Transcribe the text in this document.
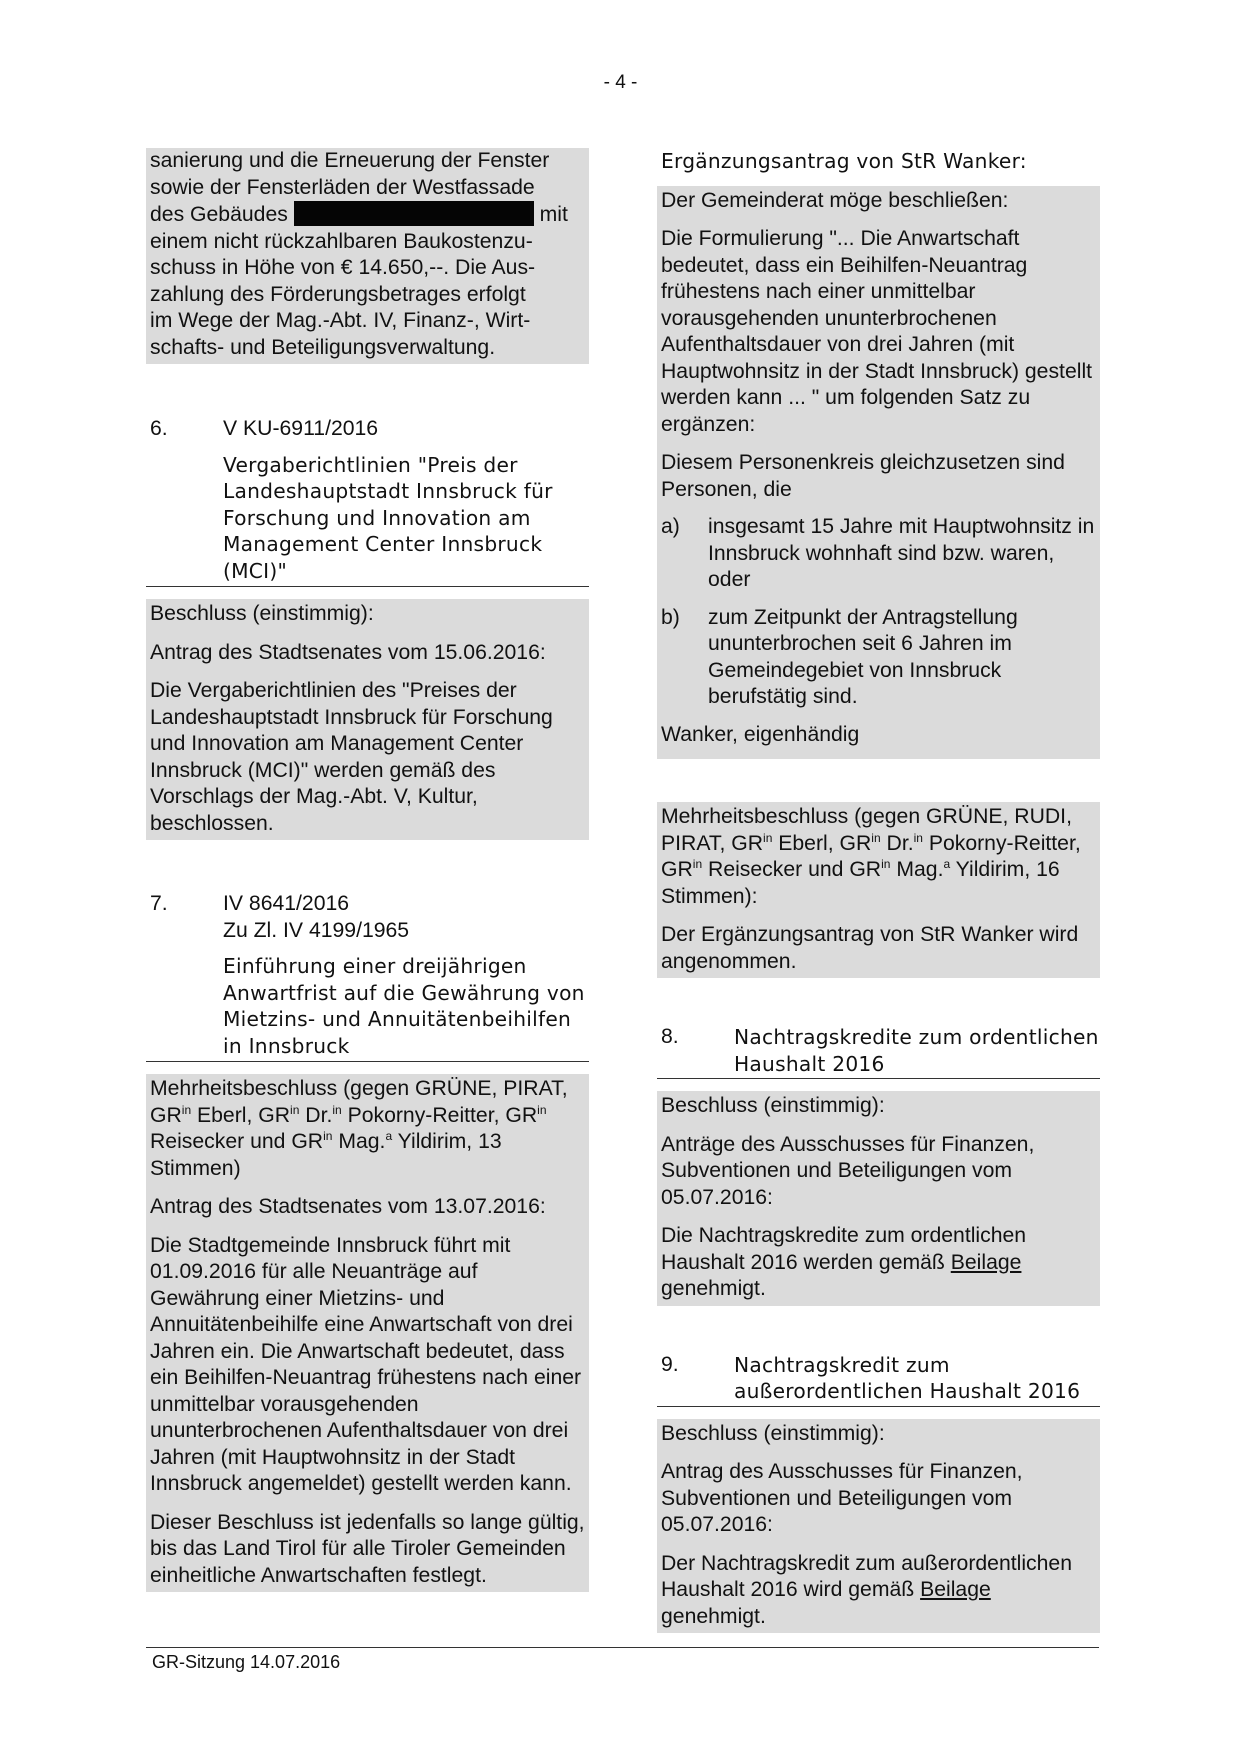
- 4 -
sanierung und die Erneuerung der Fenster
sowie der Fensterläden der Westfassade
des Gebäudes	mit
einem nicht rückzahlbaren Baukostenzu-
schuss in Höhe von € 14.650,--. Die Aus-
zahlung des Förderungsbetrages erfolgt
im Wege der Mag.-Abt. IV, Finanz-, Wirt-
schafts- und Beteiligungsverwaltung.
6.	V KU-6911/2016

Vergaberichtlinien "Preis der Landeshauptstadt Innsbruck für Forschung und Innovation am Management Center Innsbruck (MCI)"

Beschluss (einstimmig):

Antrag des Stadtsenates vom 15.06.2016:

Die Vergaberichtlinien des "Preises der Landeshauptstadt Innsbruck für Forschung und Innovation am Management Center Innsbruck (MCI)" werden gemäß des Vorschlags der Mag.-Abt. V, Kultur, beschlossen.

7.	IV 8641/2016

Zu Zl. IV 4199/1965

Einführung einer dreijährigen Anwartfrist auf die Gewährung von Mietzins- und Annuitätenbeihilfen in Innsbruck

Mehrheitsbeschluss (gegen GRÜNE, PIRAT, $GR^{in}$ Eberl, $GR^{in}$ Dr.$^{in}$ Pokorny-Reitter, $GR^{in}$ Reisecker und $GR^{in}$ Mag.$^a$ Yildirim, 13 Stimmen)

Antrag des Stadtsenates vom 13.07.2016:

Die Stadtgemeinde Innsbruck führt mit 01.09.2016 für alle Neuanträge auf Gewährung einer Mietzins- und Annuitätenbeihilfe eine Anwartschaft von drei Jahren ein. Die Anwartschaft bedeutet, dass ein Beihilfen-Neuantrag frühestens nach einer unmittelbar vorausgehenden ununterbrochenen Aufenthaltsdauer von drei Jahren (mit Hauptwohnsitz in der Stadt Innsbruck angemeldet) gestellt werden kann.

Dieser Beschluss ist jedenfalls so lange gültig, bis das Land Tirol für alle Tiroler Gemeinden einheitliche Anwartschaften festlegt.

Ergänzungsantrag von StR Wanker:

Der Gemeinderat möge beschließen:

Die Formulierung "... Die Anwartschaft bedeutet, dass ein Beihilfen-Neuantrag frühestens nach einer unmittelbar vorausgehenden ununterbrochenen Aufenthaltsdauer von drei Jahren (mit Hauptwohnsitz in der Stadt Innsbruck) gestellt werden kann ... " um folgenden Satz zu ergänzen:

Diesem Personenkreis gleichzusetzen sind Personen, die

a) insgesamt 15 Jahre mit Hauptwohnsitz in Innsbruck wohnhaft sind bzw. waren, oder

b) zum Zeitpunkt der Antragstellung ununterbrochen seit 6 Jahren im Gemeindegebiet von Innsbruck berufstätig sind.

Wanker, eigenhändig

Mehrheitsbeschluss (gegen GRÜNE, RUDI, PIRAT, $GR^{in}$ Eberl, $GR^{in}$ Dr.$^{in}$ Pokorny-Reitter, $GR^{in}$ Reisecker und $GR^{in}$ Mag.$^a$ Yildirim, 16 Stimmen):

Der Ergänzungsantrag von StR Wanker wird angenommen.

8.	Nachtragskredite zum ordentlichen Haushalt 2016

Beschluss (einstimmig):

Anträge des Ausschusses für Finanzen, Subventionen und Beteiligungen vom 05.07.2016:

Die Nachtragskredite zum ordentlichen Haushalt 2016 werden gemäß Beilage genehmigt.

9.	Nachtragskredit zum außerordentlichen Haushalt 2016

Beschluss (einstimmig):

Antrag des Ausschusses für Finanzen, Subventionen und Beteiligungen vom 05.07.2016:

Der Nachtragskredit zum außerordentlichen Haushalt 2016 wird gemäß Beilage genehmigt.

GR-Sitzung 14.07.2016
